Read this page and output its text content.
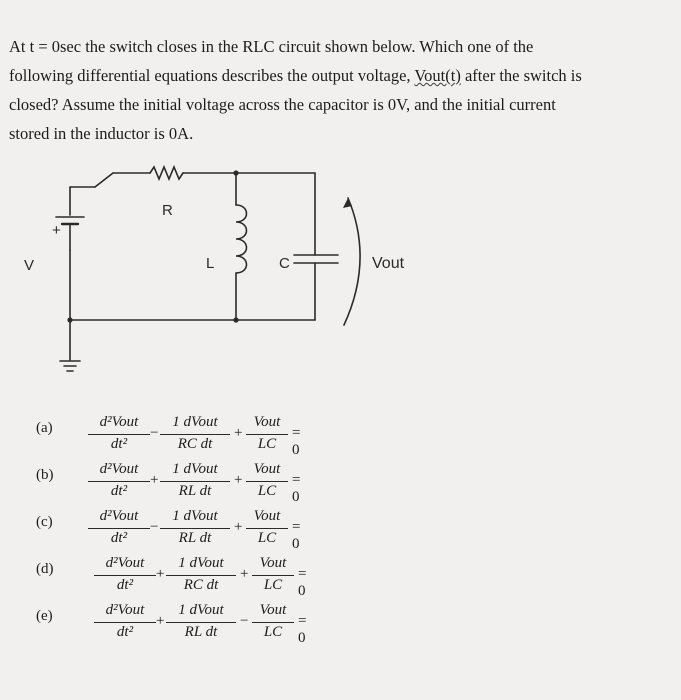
At t = 0sec the switch closes in the RLC circuit shown below. Which one of the
following differential equations describes the output voltage, Vout(t) after the switch is
closed? Assume the initial voltage across the capacitor is 0V, and the initial current
stored in the inductor is 0A.
+
V
R
L	C	Vout
(a)	d²Vout
dt²
−
1 dVout
RC dt
+
Vout
LC
= 0
(b)	d²Vout
dt²
+
1 dVout
RL dt
+
Vout
LC
= 0
(c)	d²Vout
dt²
−
1 dVout
RL dt
+
Vout
LC
= 0
(d)	d²Vout
dt²
+
1 dVout
RC dt
+
Vout
LC
= 0
(e)	d²Vout
dt²
+
1 dVout
RL dt
−
Vout
LC
= 0
